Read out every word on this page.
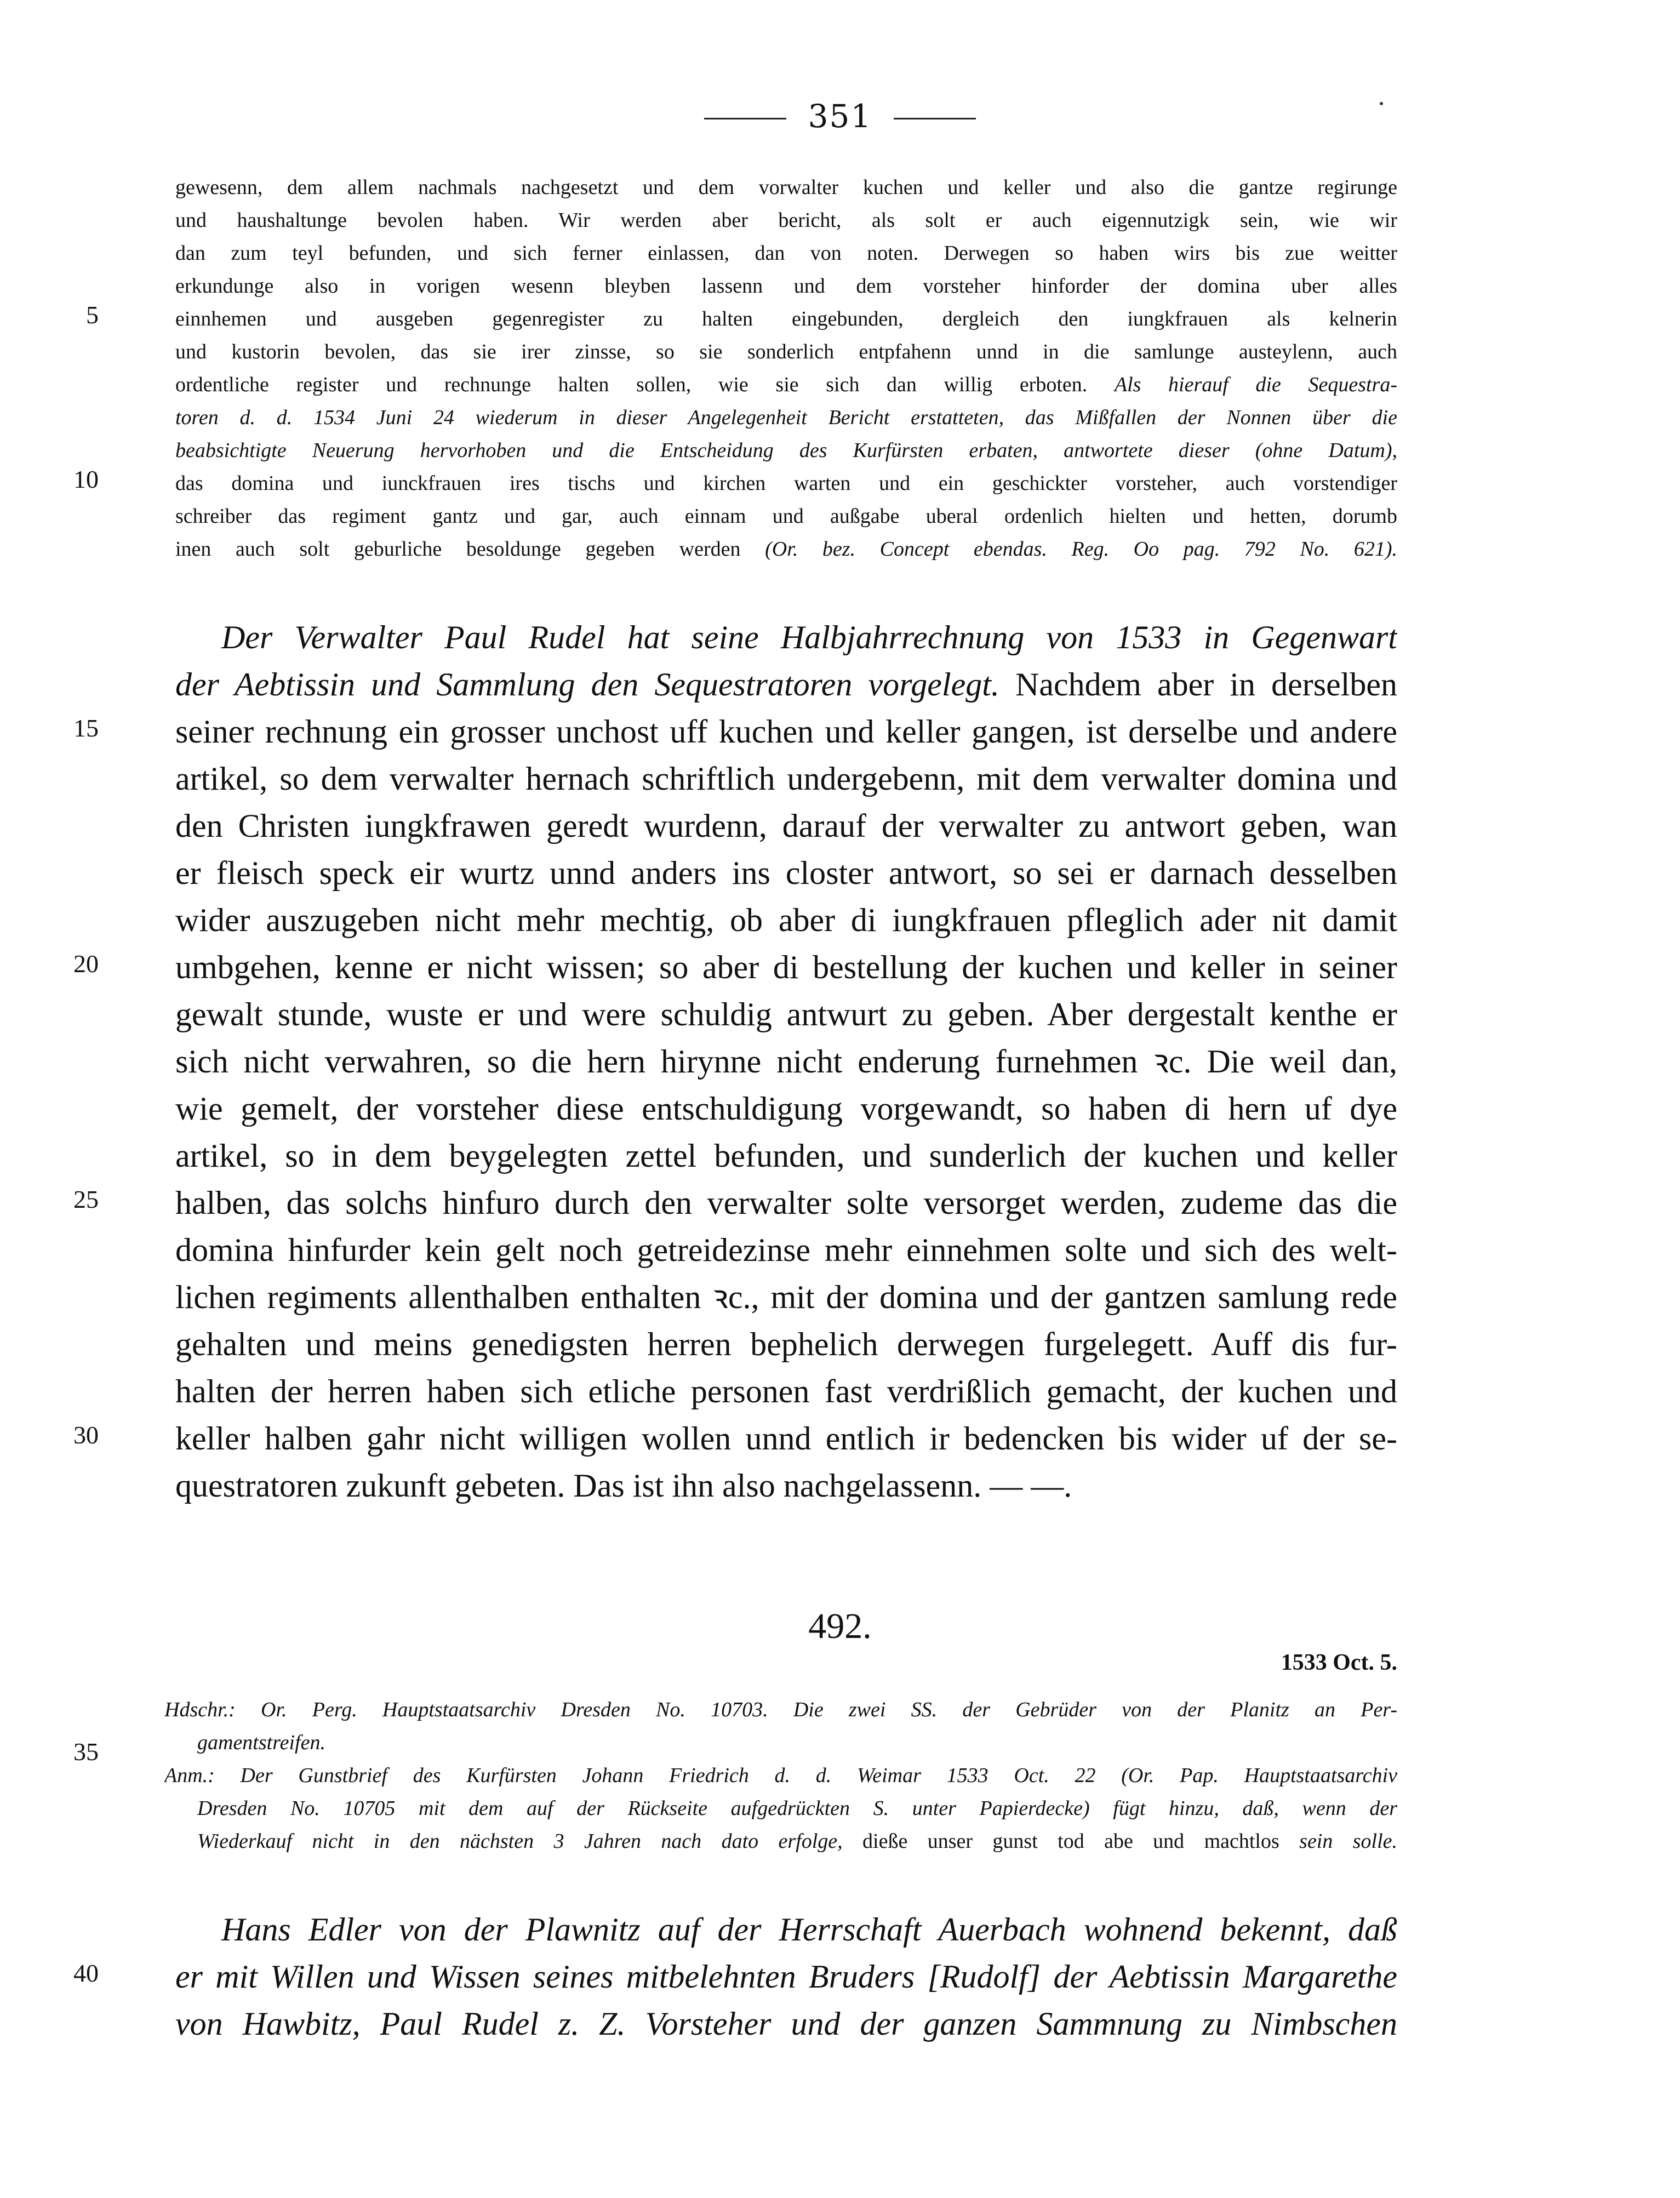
351
gewesenn, dem allem nachmals nachgesetzt und dem vorwalter kuchen und keller und also die gantze regirunge
und haushaltunge bevolen haben. Wir werden aber bericht, als solt er auch eigennutzigk sein, wie wir
dan zum teyl befunden, und sich ferner einlassen, dan von noten. Derwegen so haben wirs bis zue weitter
erkundunge also in vorigen wesenn bleyben lassenn und dem vorsteher hinforder der domina uber alles
einnhemen und ausgeben gegenregister zu halten eingebunden, dergleich den iungkfrauen als kelnerin
und kustorin bevolen, das sie irer zinsse, so sie sonderlich entpfahenn unnd in die samlunge austeylenn, auch
ordentliche register und rechnunge halten sollen, wie sie sich dan willig erboten. Als hierauf die Sequestra-
toren d. d. 1534 Juni 24 wiederum in dieser Angelegenheit Bericht erstatteten, das Mißfallen der Nonnen über die
beabsichtigte Neuerung hervorhoben und die Entscheidung des Kurfürsten erbaten, antwortete dieser (ohne Datum),
das domina und iunckfrauen ires tischs und kirchen warten und ein geschickter vorsteher, auch vorstendiger
schreiber das regiment gantz und gar, auch einnam und außgabe uberal ordenlich hielten und hetten, dorumb
inen auch solt geburliche besoldunge gegeben werden (Or. bez. Concept ebendas. Reg. Oo pag. 792 No. 621).
Der Verwalter Paul Rudel hat seine Halbjahrrechnung von 1533 in Gegenwart
der Aebtissin und Sammlung den Sequestratoren vorgelegt. Nachdem aber in derselben
seiner rechnung ein grosser unchost uff kuchen und keller gangen, ist derselbe und andere
artikel, so dem verwalter hernach schriftlich undergebenn, mit dem verwalter domina und
den Christen iungkfrawen geredt wurdenn, darauf der verwalter zu antwort geben, wan
er fleisch speck eir wurtz unnd anders ins closter antwort, so sei er darnach desselben
wider auszugeben nicht mehr mechtig, ob aber di iungkfrauen pfleglich ader nit damit
umbgehen, kenne er nicht wissen; so aber di bestellung der kuchen und keller in seiner
gewalt stunde, wuste er und were schuldig antwurt zu geben. Aber dergestalt kenthe er
sich nicht verwahren, so die hern hirynne nicht enderung furnehmen ꝛc. Die weil dan,
wie gemelt, der vorsteher diese entschuldigung vorgewandt, so haben di hern uf dye
artikel, so in dem beygelegten zettel befunden, und sunderlich der kuchen und keller
halben, das solchs hinfuro durch den verwalter solte versorget werden, zudeme das die
domina hinfurder kein gelt noch getreidezinse mehr einnehmen solte und sich des welt-
lichen regiments allenthalben enthalten ꝛc., mit der domina und der gantzen samlung rede
gehalten und meins genedigsten herren bephelich derwegen furgelegett. Auff dis fur-
halten der herren haben sich etliche personen fast verdrißlich gemacht, der kuchen und
keller halben gahr nicht willigen wollen unnd entlich ir bedencken bis wider uf der se-
questratoren zukunft gebeten. Das ist ihn also nachgelassenn. — —.
492.
1533 Oct. 5.
Hdschr.: Or. Perg. Hauptstaatsarchiv Dresden No. 10703. Die zwei SS. der Gebrüder von der Planitz an Per-
gamentstreifen.
Anm.: Der Gunstbrief des Kurfürsten Johann Friedrich d. d. Weimar 1533 Oct. 22 (Or. Pap. Hauptstaatsarchiv
Dresden No. 10705 mit dem auf der Rückseite aufgedrückten S. unter Papierdecke) fügt hinzu, daß, wenn der
Wiederkauf nicht in den nächsten 3 Jahren nach dato erfolge, dieße unser gunst tod abe und machtlos sein solle.
Hans Edler von der Plawnitz auf der Herrschaft Auerbach wohnend bekennt, daß
er mit Willen und Wissen seines mitbelehnten Bruders [Rudolf] der Aebtissin Margarethe
von Hawbitz, Paul Rudel z. Z. Vorsteher und der ganzen Sammnung zu Nimbschen
5
10
15
20
25
30
35
40
